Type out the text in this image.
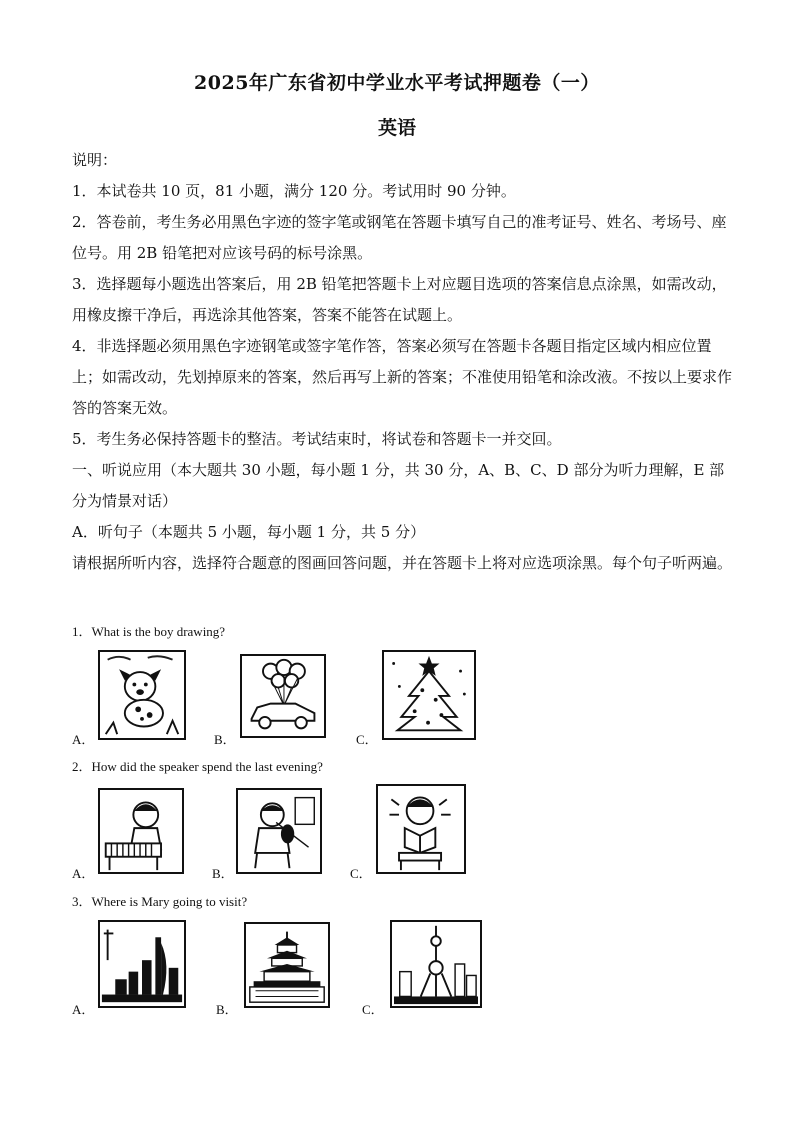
2025年广东省初中学业水平考试押题卷（一）
英语

说明：

1．本试卷共 10 页，81 小题，满分 120 分。考试用时 90 分钟。

2．答卷前，考生务必用黑色字迹的签字笔或钢笔在答题卡填写自己的准考证号、姓名、考场号、座位号。用 2B 铅笔把对应该号码的标号涂黑。

3．选择题每小题选出答案后，用 2B 铅笔把答题卡上对应题目选项的答案信息点涂黑，如需改动，用橡皮擦干净后，再选涂其他答案，答案不能答在试题上。

4．非选择题必须用黑色字迹钢笔或签字笔作答，答案必须写在答题卡各题目指定区域内相应位置上；如需改动，先划掉原来的答案，然后再写上新的答案；不准使用铅笔和涂改液。不按以上要求作答的答案无效。

5．考生务必保持答题卡的整洁。考试结束时，将试卷和答题卡一并交回。

一、听说应用（本大题共 30 小题，每小题 1 分，共 30 分，A、B、C、D 部分为听力理解，E 部分为情景对话）

A．听句子（本题共 5 小题，每小题 1 分，共 5 分）

请根据所听内容，选择符合题意的图画回答问题，并在答题卡上将对应选项涂黑。每个句子听两遍。

1．What is the boy drawing?
A．	B．	C．
2．How did the speaker spend the last evening?
A．	B．	C．
3．Where is Mary going to visit?
A．	B．	C．
